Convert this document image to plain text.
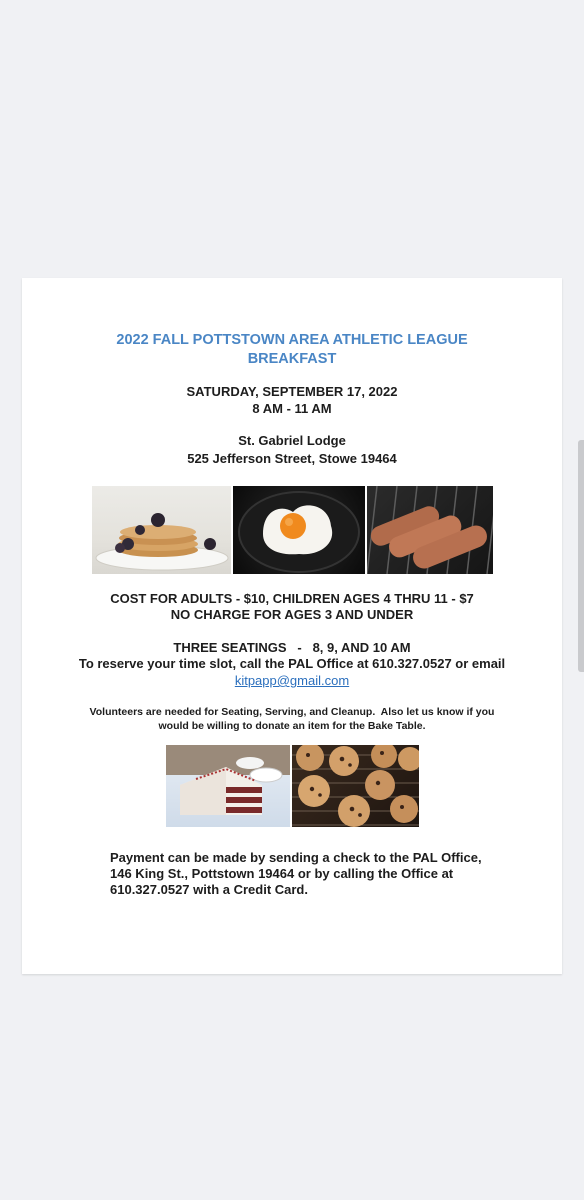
2022 FALL POTTSTOWN AREA ATHLETIC LEAGUE
BREAKFAST
SATURDAY, SEPTEMBER 17, 2022
8 AM - 11 AM
St. Gabriel Lodge
525 Jefferson Street, Stowe 19464
COST FOR ADULTS - $10, CHILDREN AGES 4 THRU 11 - $7
NO CHARGE FOR AGES 3 AND UNDER
THREE SEATINGS   -   8, 9, AND 10 AM
To reserve your time slot, call the PAL Office at 610.327.0527 or email
kitpapp@gmail.com
Volunteers are needed for Seating, Serving, and Cleanup.  Also let us know if you
would be willing to donate an item for the Bake Table.
Payment can be made by sending a check to the PAL Office,
146 King St., Pottstown 19464 or by calling the Office at
610.327.0527 with a Credit Card.
